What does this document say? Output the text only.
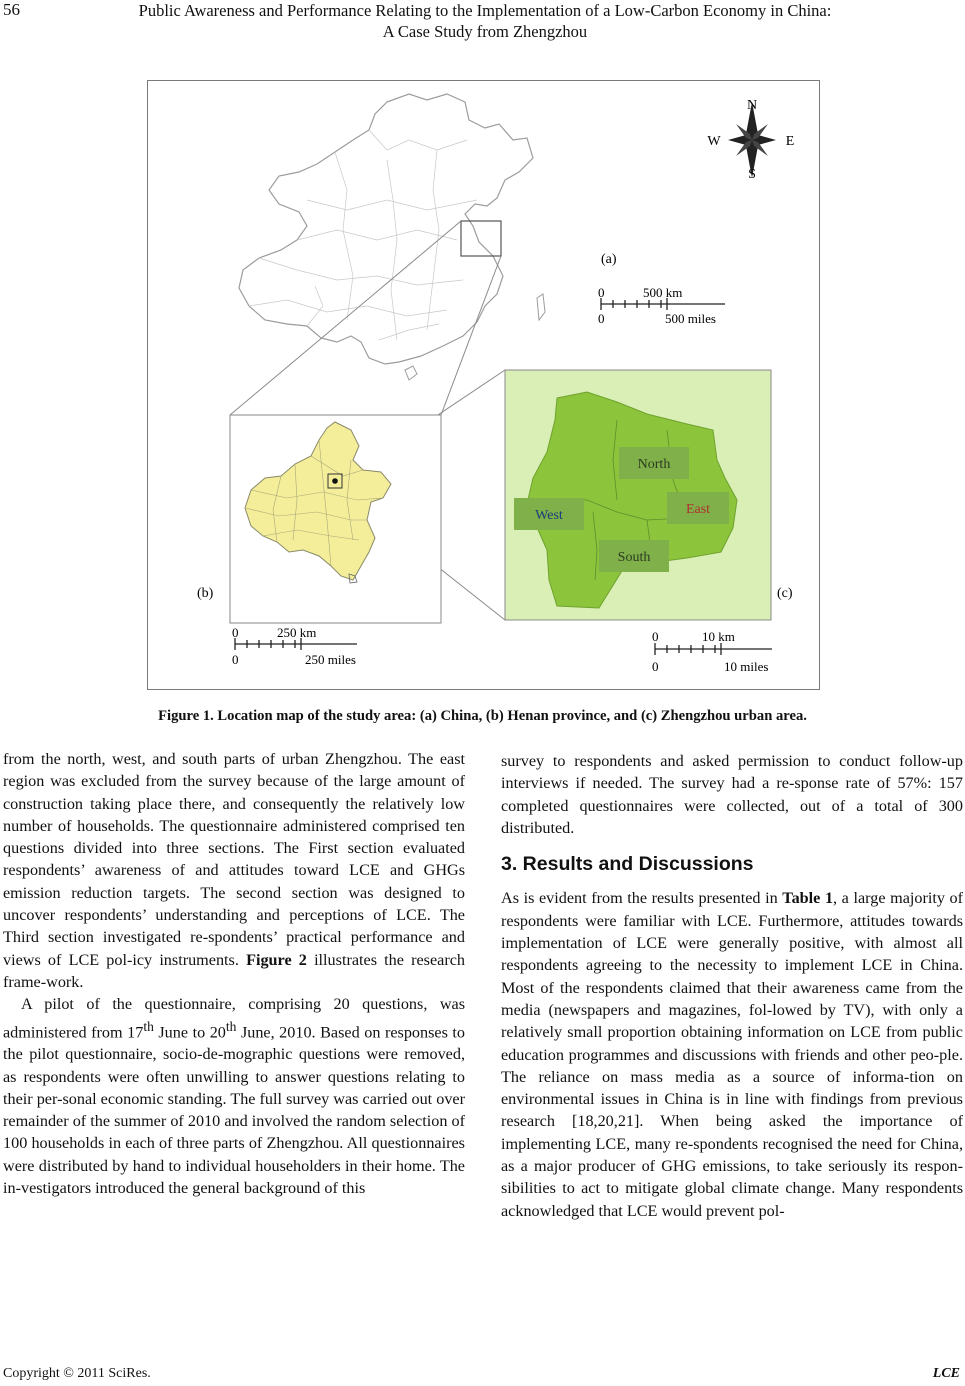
56	Public Awareness and Performance Relating to the Implementation of a Low-Carbon Economy in China:
A Case Study from Zhengzhou
N
S
W	E
(a)
0	500 km
0	500 miles
(b)
0	250 km
0	250 miles
North
West	East
South
(c)
0	10 km
0	10 miles
Figure 1. Location map of the study area: (a) China, (b) Henan province, and (c) Zhengzhou urban area.

from the north, west, and south parts of urban Zhengzhou. The east region was excluded from the survey because of the large amount of construction taking place there, and consequently the relatively low number of households. The questionnaire administered comprised ten questions divided into three sections. The First section evaluated respondents’ awareness of and attitudes toward LCE and GHGs emission reduction targets. The second section was designed to uncover respondents’ understanding and perceptions of LCE. The Third section investigated re-spondents’ practical performance and views of LCE pol-icy instruments. Figure 2 illustrates the research frame-work.

A pilot of the questionnaire, comprising 20 questions, was administered from 17th June to 20th June, 2010. Based on responses to the pilot questionnaire, socio-de-mographic questions were removed, as respondents were often unwilling to answer questions relating to their per-sonal economic standing. The full survey was carried out over remainder of the summer of 2010 and involved the random selection of 100 households in each of three parts of Zhengzhou. All questionnaires were distributed by hand to individual householders in their home. The in-vestigators introduced the general background of this

survey to respondents and asked permission to conduct follow-up interviews if needed. The survey had a re-sponse rate of 57%: 157 completed questionnaires were collected, out of a total of 300 distributed.

3. Results and Discussions

As is evident from the results presented in Table 1, a large majority of respondents were familiar with LCE. Furthermore, attitudes towards implementation of LCE were generally positive, with almost all respondents agreeing to the necessity to implement LCE in China. Most of the respondents claimed that their awareness came from the media (newspapers and magazines, fol-lowed by TV), with only a relatively small proportion obtaining information on LCE from public education programmes and discussions with friends and other peo-ple. The reliance on mass media as a source of informa-tion on environmental issues in China is in line with findings from previous research [18,20,21]. When being asked the importance of implementing LCE, many re-spondents recognised the need for China, as a major producer of GHG emissions, to take seriously its respon-sibilities to act to mitigate global climate change. Many respondents acknowledged that LCE would prevent pol-

Copyright © 2011 SciRes.	LCE
